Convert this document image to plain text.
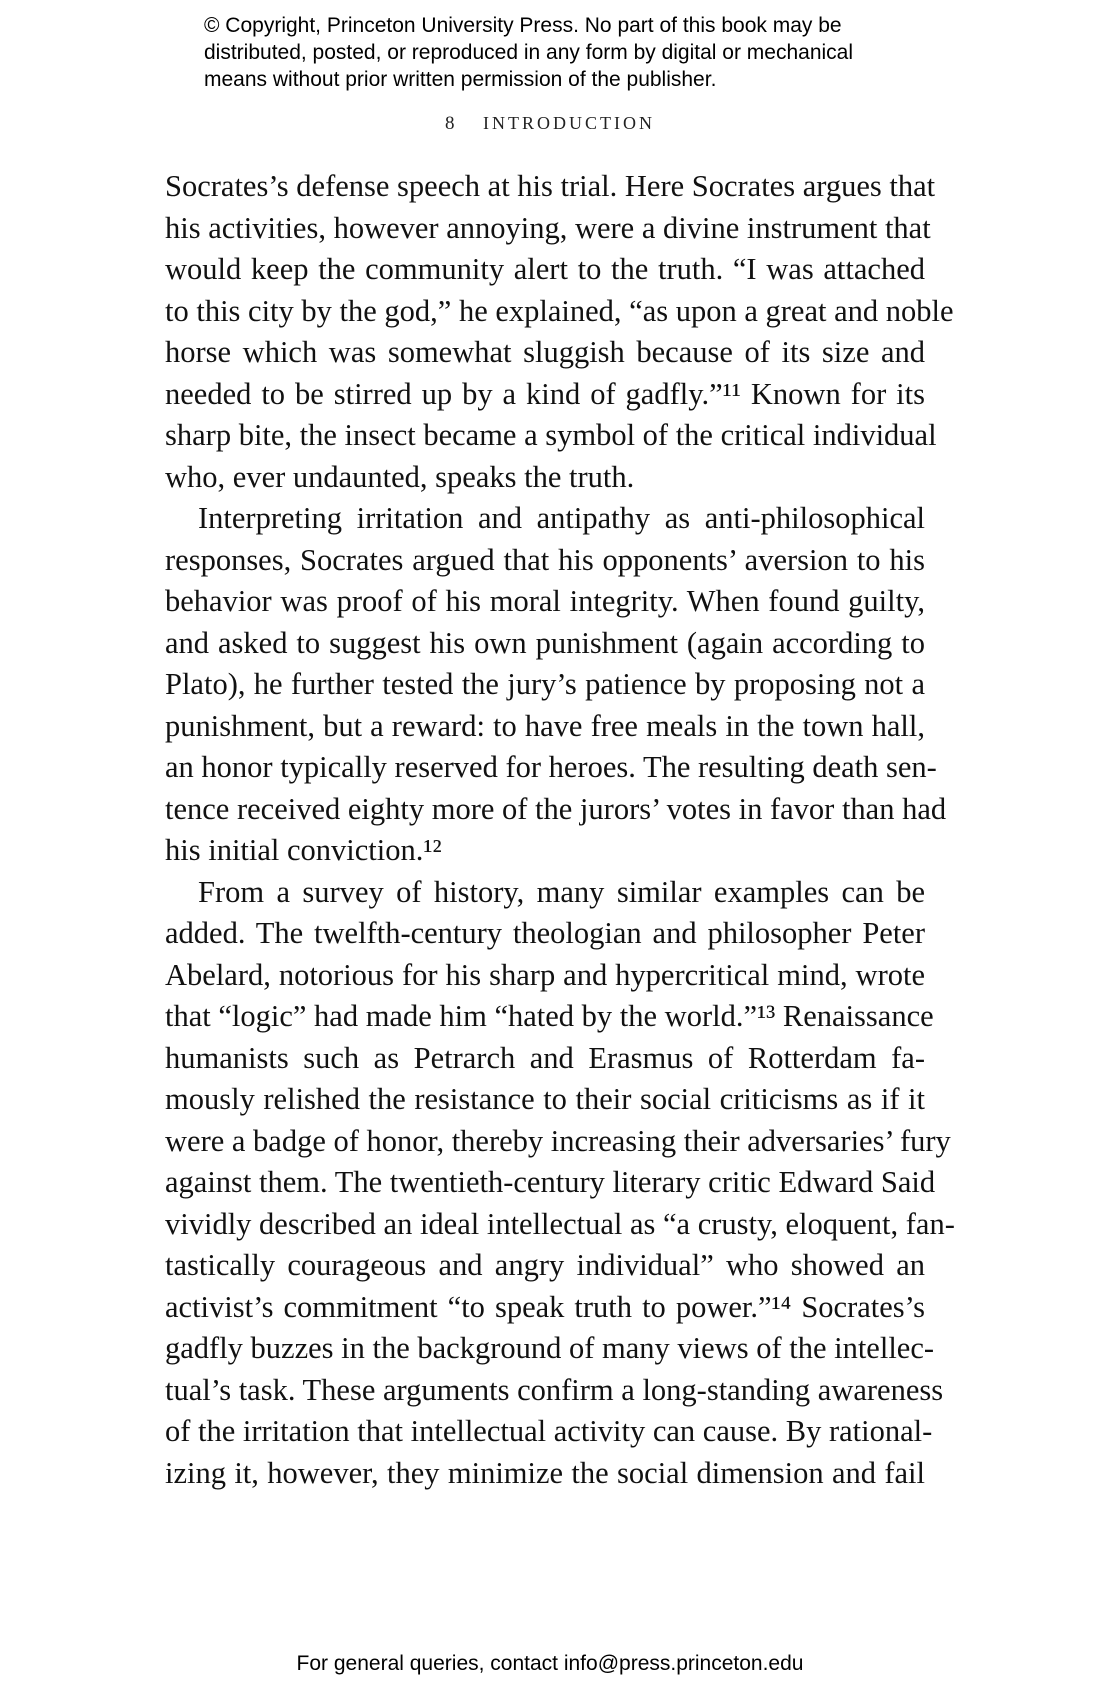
© Copyright, Princeton University Press. No part of this book may be
distributed, posted, or reproduced in any form by digital or mechanical
means without prior written permission of the publisher.
8 INTRODUCTION
Socrates’s defense speech at his trial. Here Socrates argues that
his activities, however annoying, were a divine instrument that
would keep the community alert to the truth. “I was attached
to this city by the god,” he explained, “as upon a great and noble
horse which was somewhat sluggish because of its size and
needed to be stirred up by a kind of gadfly.”¹¹ Known for its
sharp bite, the insect became a symbol of the critical individual
who, ever undaunted, speaks the truth.
Interpreting irritation and antipathy as anti-philosophical
responses, Socrates argued that his opponents’ aversion to his
behavior was proof of his moral integrity. When found guilty,
and asked to suggest his own punishment (again according to
Plato), he further tested the jury’s patience by proposing not a
punishment, but a reward: to have free meals in the town hall,
an honor typically reserved for heroes. The resulting death sen-
tence received eighty more of the jurors’ votes in favor than had
his initial conviction.¹²
From a survey of history, many similar examples can be
added. The twelfth-century theologian and philosopher Peter
Abelard, notorious for his sharp and hypercritical mind, wrote
that “logic” had made him “hated by the world.”¹³ Renaissance
humanists such as Petrarch and Erasmus of Rotterdam fa-
mously relished the resistance to their social criticisms as if it
were a badge of honor, thereby increasing their adversaries’ fury
against them. The twentieth-century literary critic Edward Said
vividly described an ideal intellectual as “a crusty, eloquent, fan-
tastically courageous and angry individual” who showed an
activist’s commitment “to speak truth to power.”¹⁴ Socrates’s
gadfly buzzes in the background of many views of the intellec-
tual’s task. These arguments confirm a long-standing awareness
of the irritation that intellectual activity can cause. By rational-
izing it, however, they minimize the social dimension and fail
For general queries, contact info@press.princeton.edu
